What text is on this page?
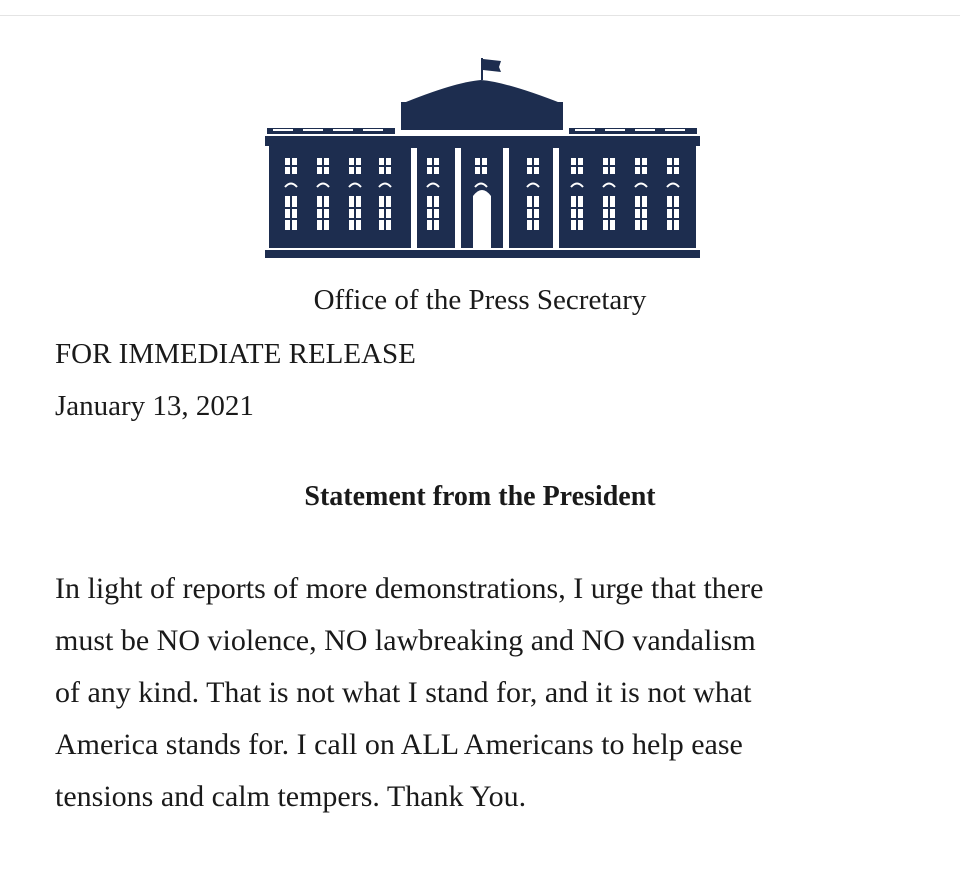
Office of the Press Secretary
FOR IMMEDIATE RELEASE
January 13, 2021
Statement from the President
In light of reports of more demonstrations, I urge that there
must be NO violence, NO lawbreaking and NO vandalism
of any kind. That is not what I stand for, and it is not what
America stands for. I call on ALL Americans to help ease
tensions and calm tempers. Thank You.
